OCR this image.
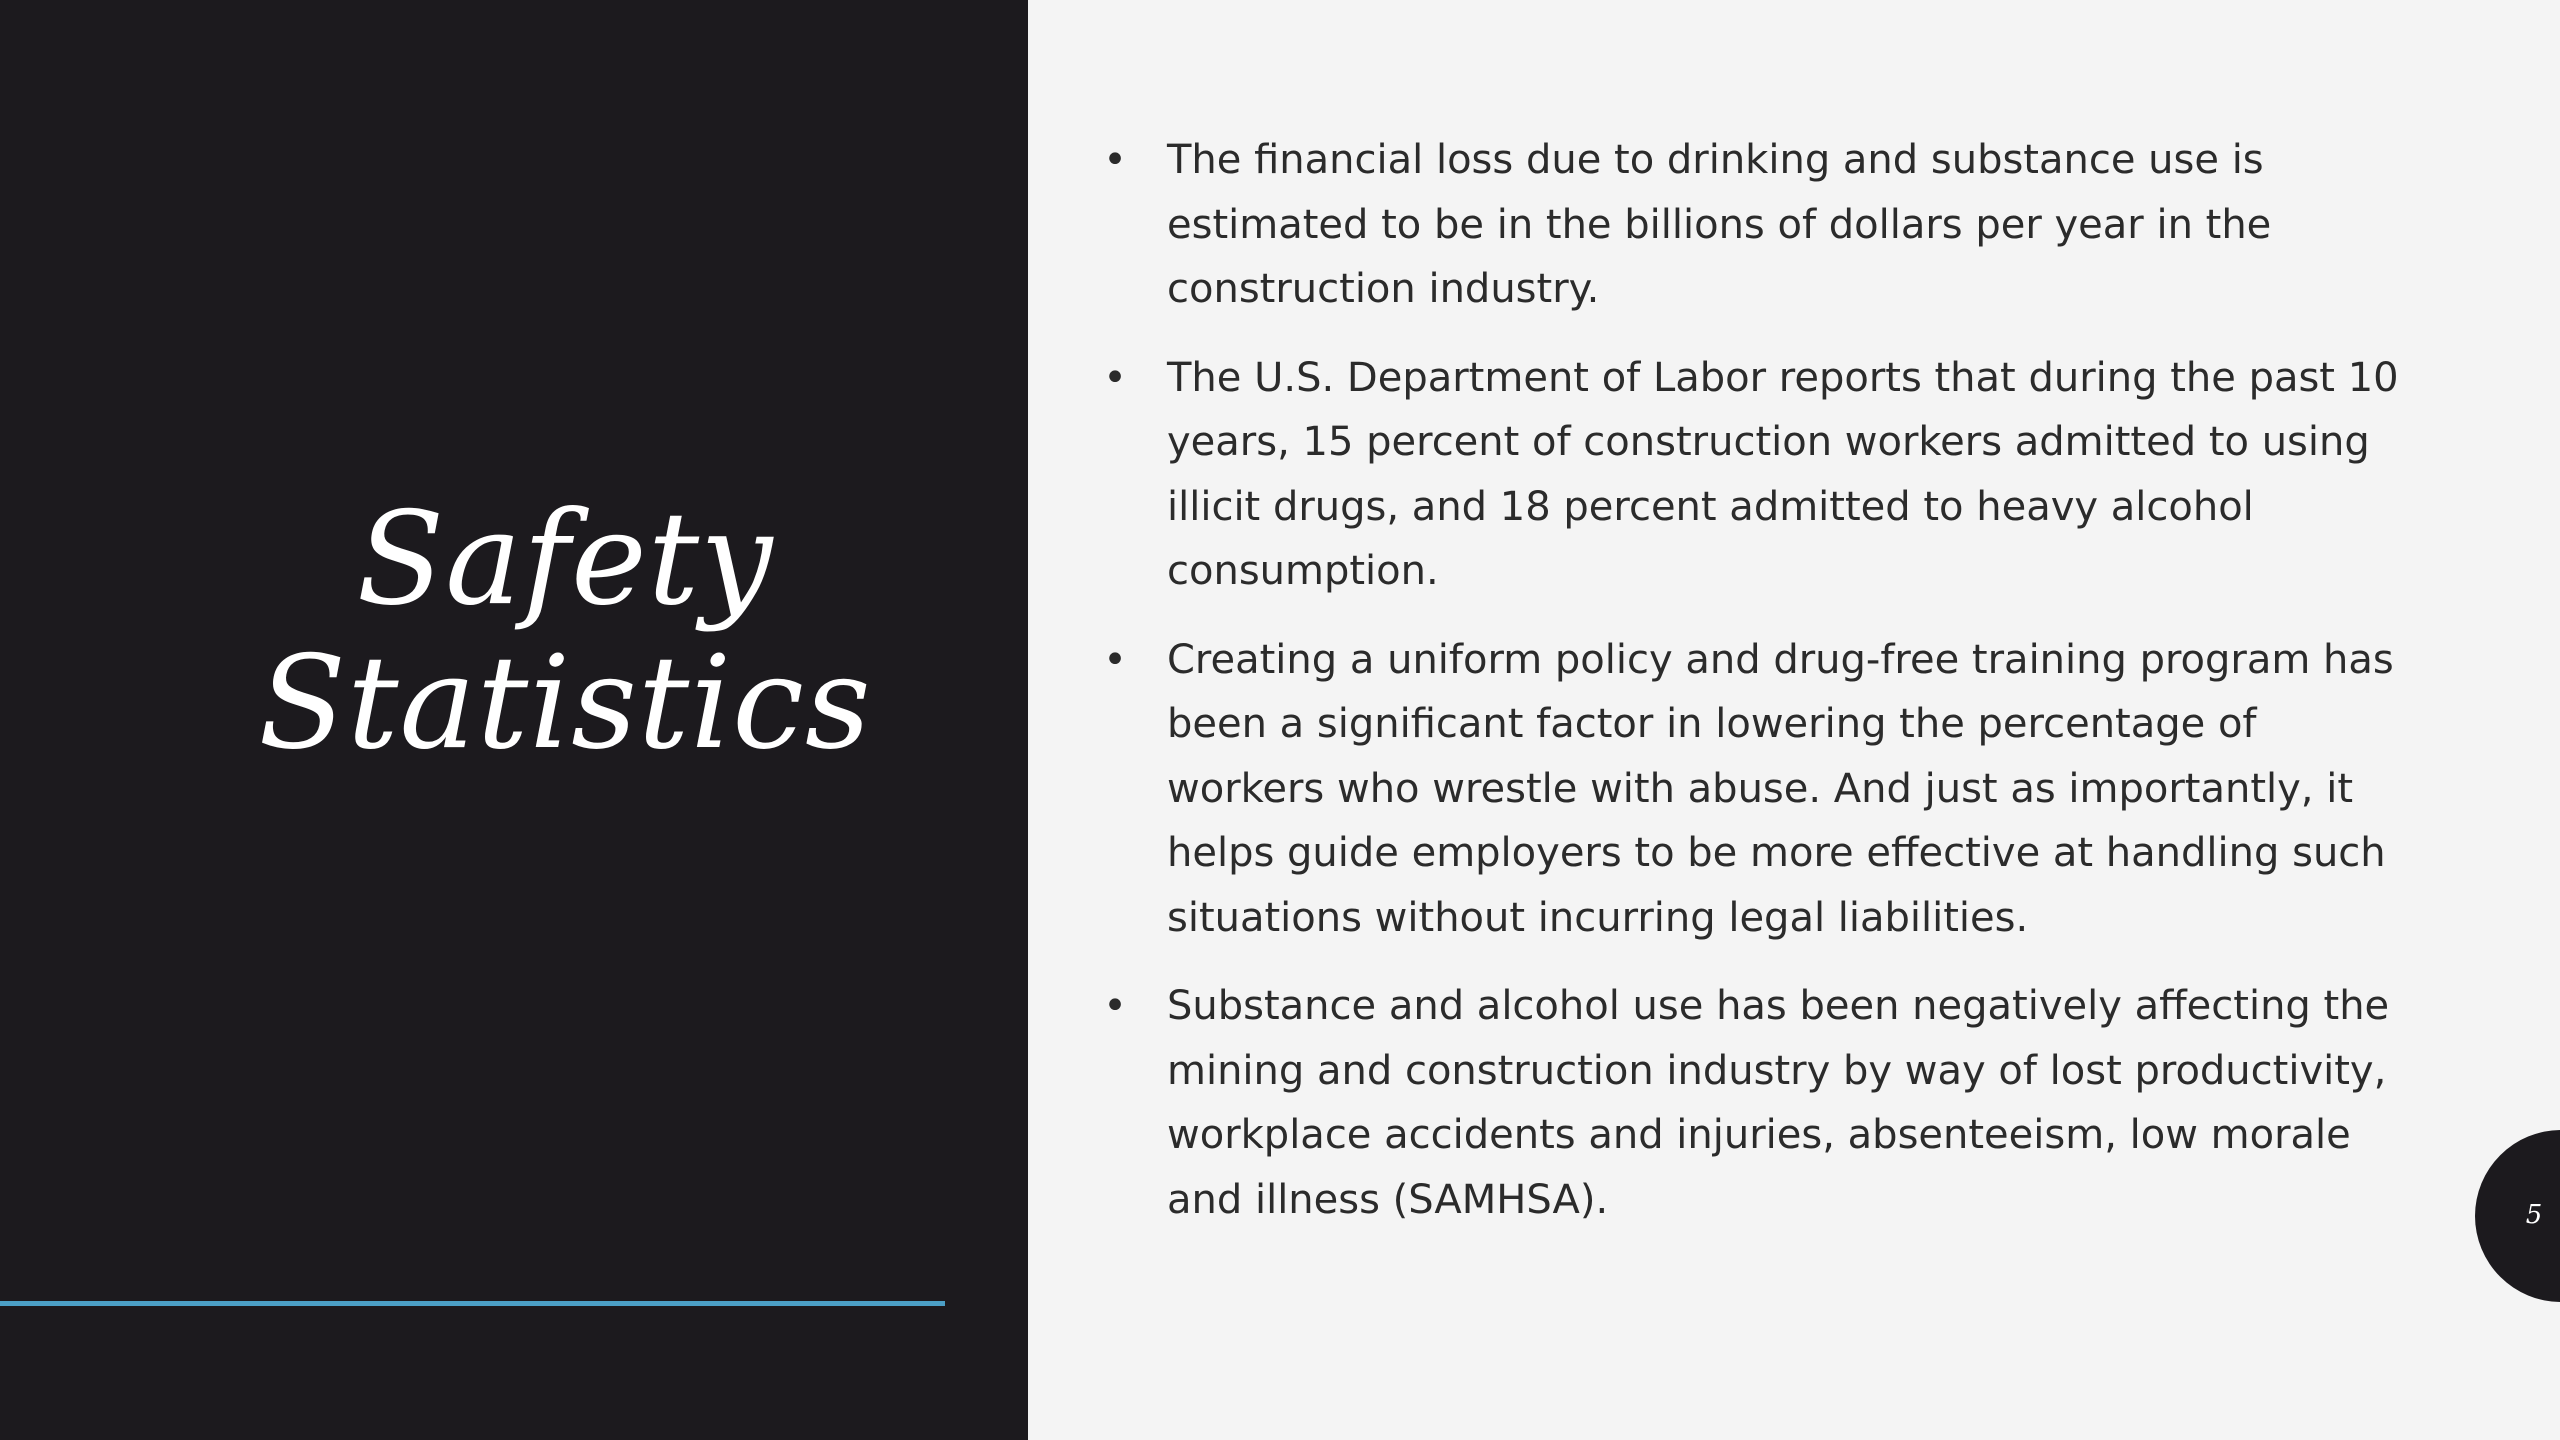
Safety
Statistics
• The financial loss due to drinking and substance use is estimated to be in the billions of dollars per year in the construction industry.
• The U.S. Department of Labor reports that during the past 10 years, 15 percent of construction workers admitted to using illicit drugs, and 18 percent admitted to heavy alcohol consumption.
• Creating a uniform policy and drug-free training program has been a significant factor in lowering the percentage of workers who wrestle with abuse. And just as importantly, it helps guide employers to be more effective at handling such situations without incurring legal liabilities.
• Substance and alcohol use has been negatively affecting the mining and construction industry by way of lost productivity, workplace accidents and injuries, absenteeism, low morale and illness (SAMHSA).	5
